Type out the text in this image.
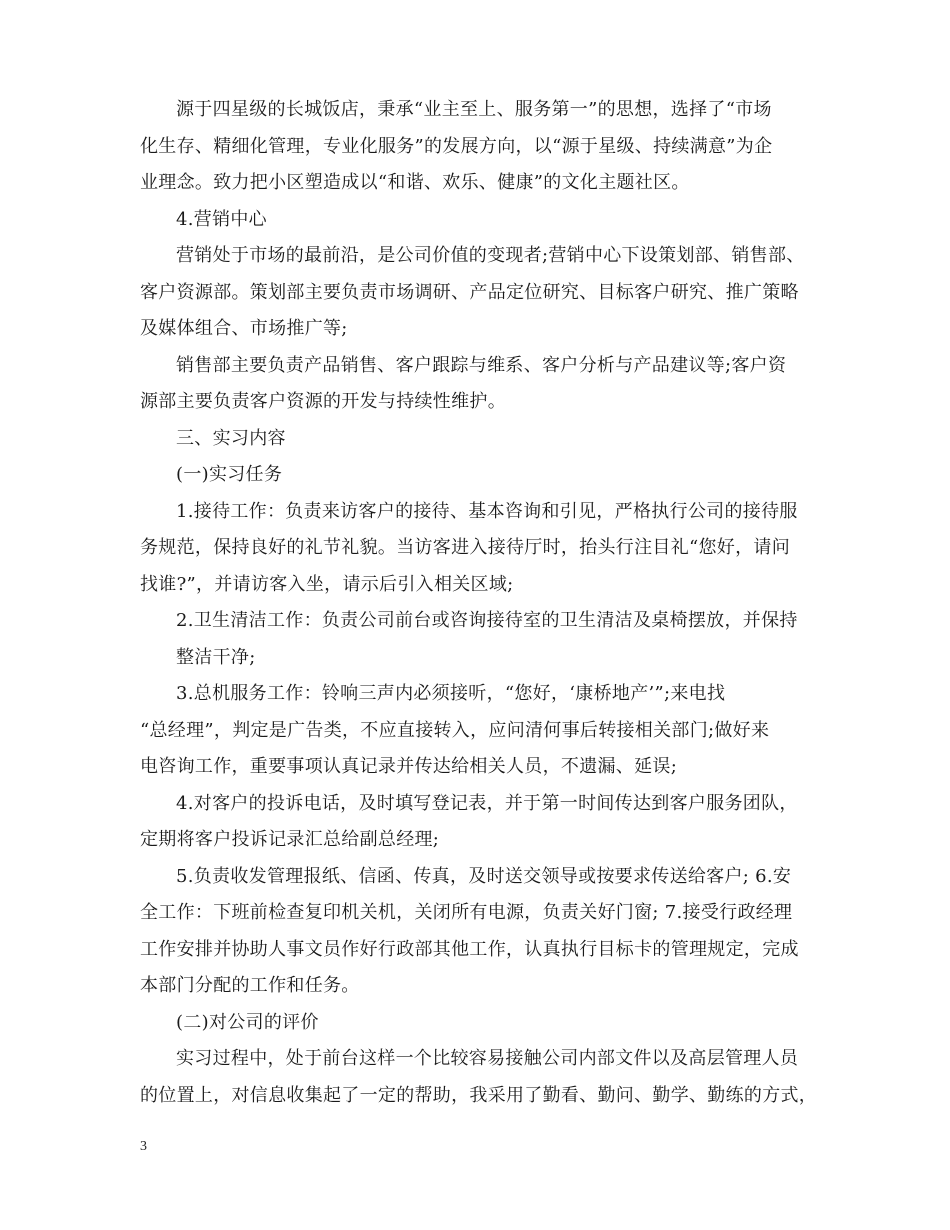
源于四星级的长城饭店，秉承“业主至上、服务第一”的思想，选择了“市场
化生存、精细化管理，专业化服务”的发展方向，以“源于星级、持续满意”为企
业理念。致力把小区塑造成以“和谐、欢乐、健康”的文化主题社区。
4.营销中心
营销处于市场的最前沿，是公司价值的变现者;营销中心下设策划部、销售部、
客户资源部。策划部主要负责市场调研、产品定位研究、目标客户研究、推广策略
及媒体组合、市场推广等;
销售部主要负责产品销售、客户跟踪与维系、客户分析与产品建议等;客户资
源部主要负责客户资源的开发与持续性维护。
三、实习内容
(一)实习任务
1.接待工作：负责来访客户的接待、基本咨询和引见，严格执行公司的接待服
务规范，保持良好的礼节礼貌。当访客进入接待厅时，抬头行注目礼“您好，请问
找谁?”，并请访客入坐，请示后引入相关区域;
2.卫生清洁工作：负责公司前台或咨询接待室的卫生清洁及桌椅摆放，并保持
整洁干净;
3.总机服务工作：铃响三声内必须接听，“您好，‘康桥地产’”;来电找
“总经理”，判定是广告类，不应直接转入，应问清何事后转接相关部门;做好来
电咨询工作，重要事项认真记录并传达给相关人员，不遗漏、延误;
4.对客户的投诉电话，及时填写登记表，并于第一时间传达到客户服务团队，
定期将客户投诉记录汇总给副总经理;
5.负责收发管理报纸、信函、传真，及时送交领导或按要求传送给客户; 6.安
全工作：下班前检查复印机关机，关闭所有电源，负责关好门窗; 7.接受行政经理
工作安排并协助人事文员作好行政部其他工作，认真执行目标卡的管理规定，完成
本部门分配的工作和任务。
(二)对公司的评价
实习过程中，处于前台这样一个比较容易接触公司内部文件以及高层管理人员
的位置上，对信息收集起了一定的帮助，我采用了勤看、勤问、勤学、勤练的方式，
3
